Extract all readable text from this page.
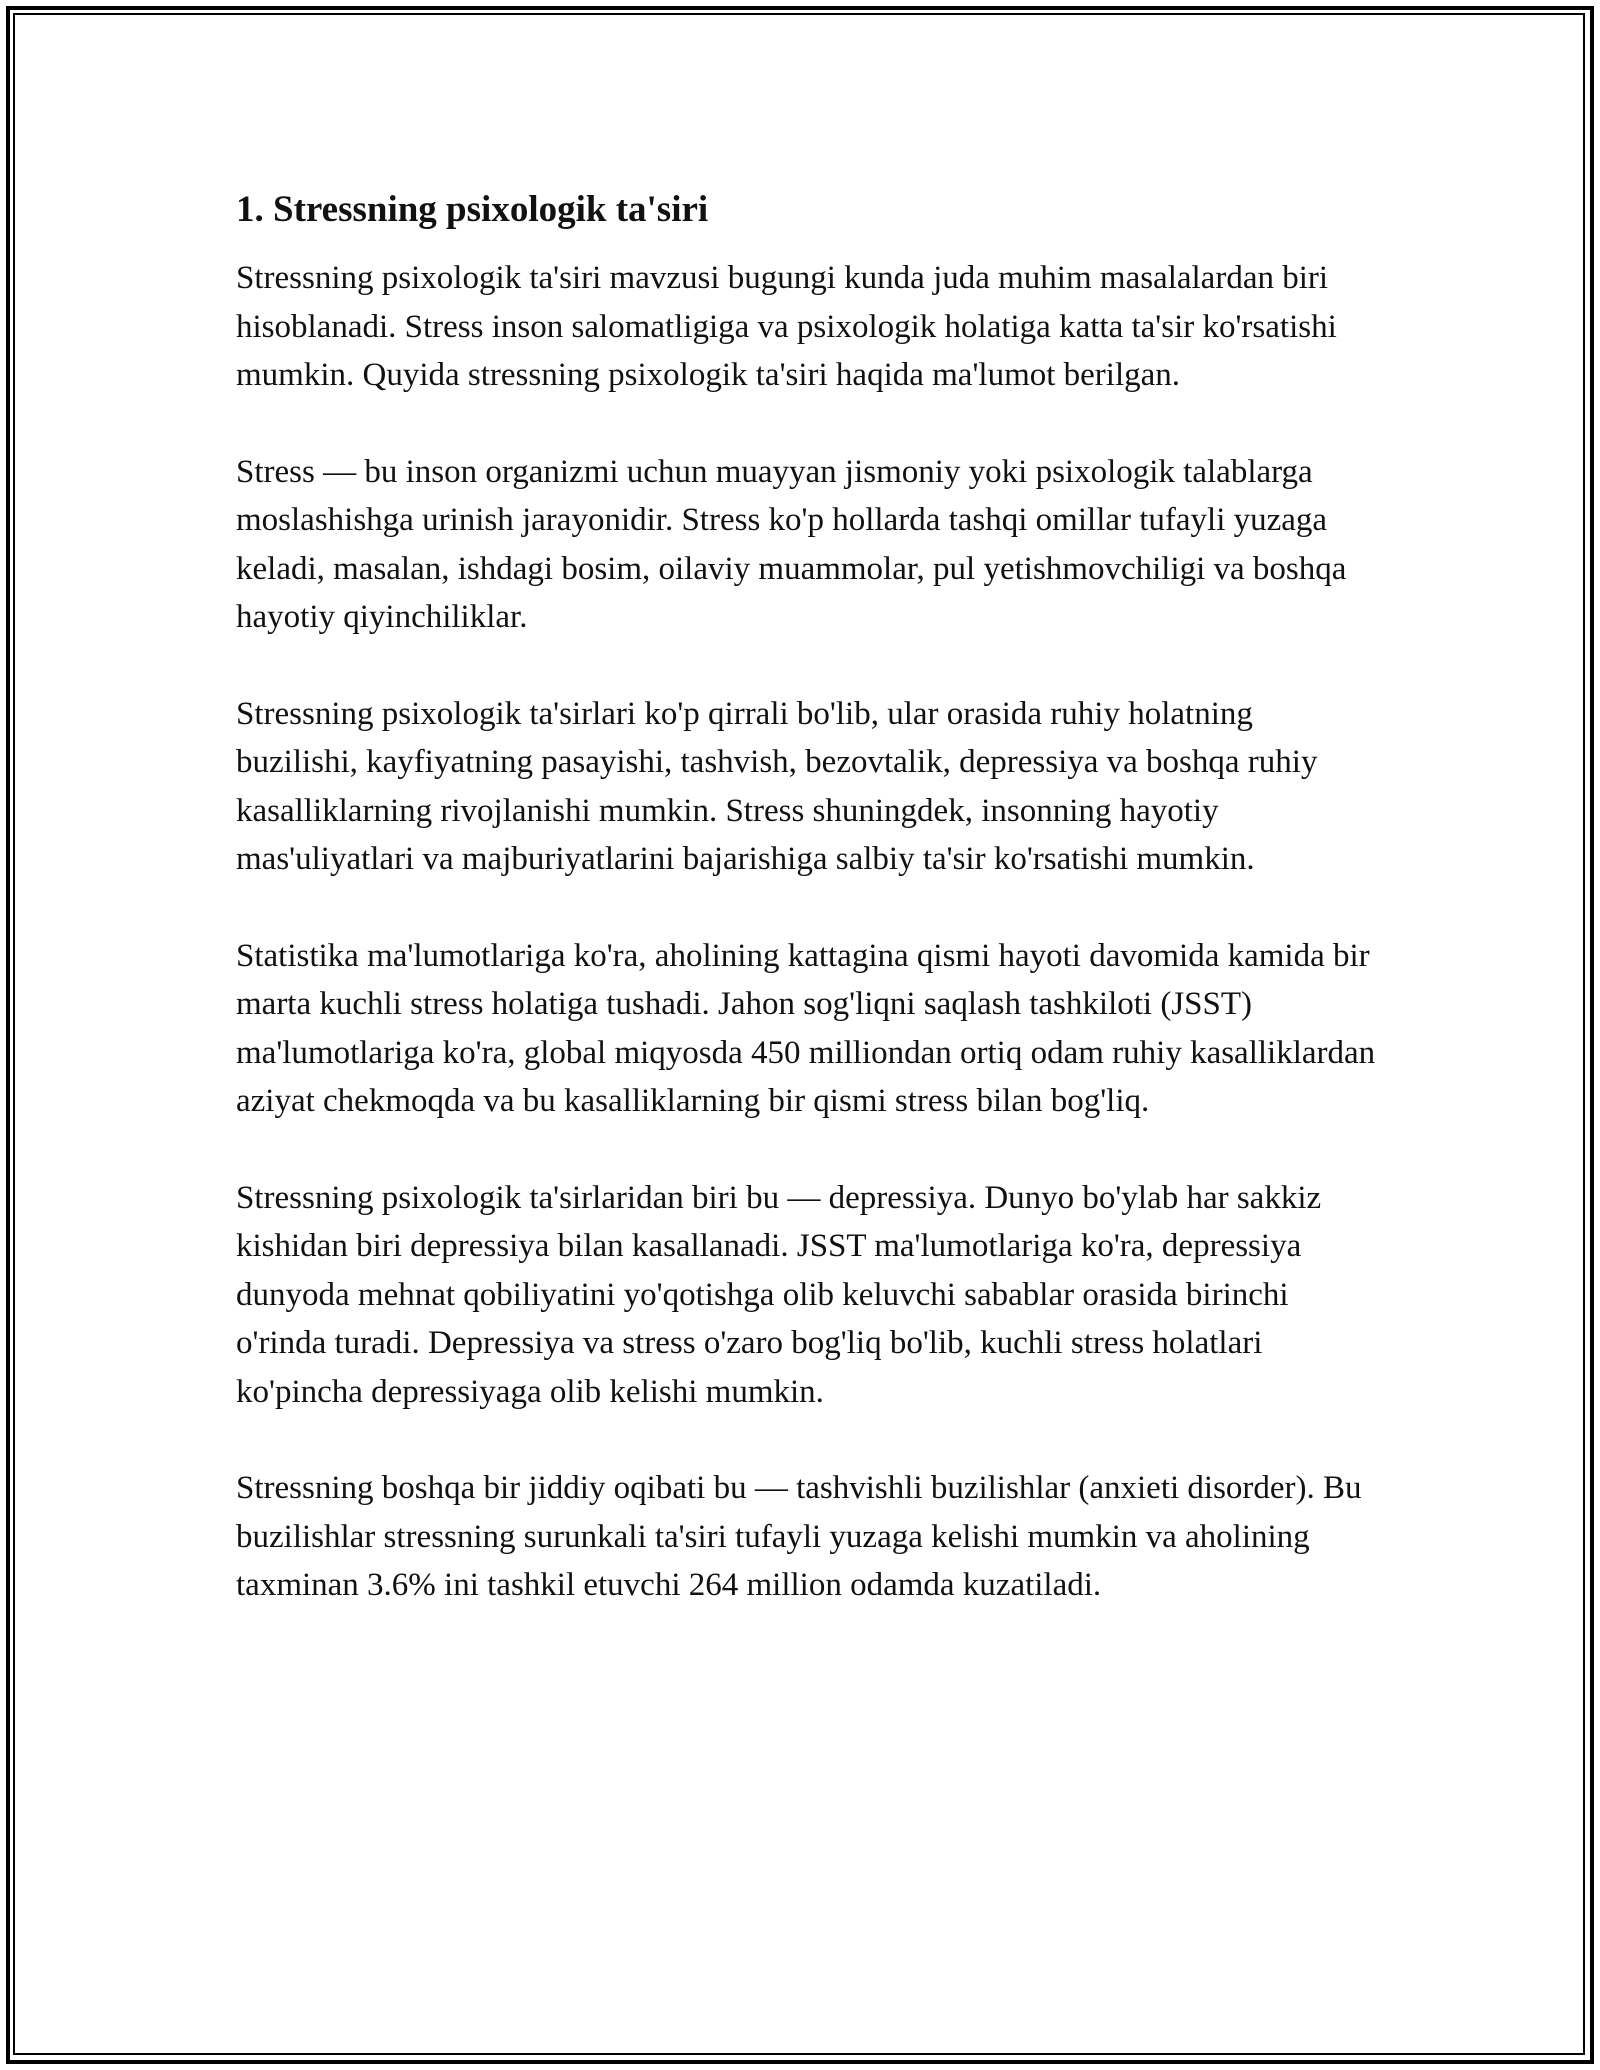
1. Stressning psixologik ta'siri

Stressning psixologik ta'siri mavzusi bugungi kunda juda muhim masalalardan biri hisoblanadi. Stress inson salomatligiga va psixologik holatiga katta ta'sir ko'rsatishi mumkin. Quyida stressning psixologik ta'siri haqida ma'lumot berilgan.

Stress — bu inson organizmi uchun muayyan jismoniy yoki psixologik talablarga moslashishga urinish jarayonidir. Stress ko'p hollarda tashqi omillar tufayli yuzaga keladi, masalan, ishdagi bosim, oilaviy muammolar, pul yetishmovchiligi va boshqa hayotiy qiyinchiliklar.

Stressning psixologik ta'sirlari ko'p qirrali bo'lib, ular orasida ruhiy holatning buzilishi, kayfiyatning pasayishi, tashvish, bezovtalik, depressiya va boshqa ruhiy kasalliklarning rivojlanishi mumkin. Stress shuningdek, insonning hayotiy mas'uliyatlari va majburiyatlarini bajarishiga salbiy ta'sir ko'rsatishi mumkin.

Statistika ma'lumotlariga ko'ra, aholining kattagina qismi hayoti davomida kamida bir marta kuchli stress holatiga tushadi. Jahon sog'liqni saqlash tashkiloti (JSST) ma'lumotlariga ko'ra, global miqyosda 450 milliondan ortiq odam ruhiy kasalliklardan aziyat chekmoqda va bu kasalliklarning bir qismi stress bilan bog'liq.

Stressning psixologik ta'sirlaridan biri bu — depressiya. Dunyo bo'ylab har sakkiz kishidan biri depressiya bilan kasallanadi. JSST ma'lumotlariga ko'ra, depressiya dunyoda mehnat qobiliyatini yo'qotishga olib keluvchi sabablar orasida birinchi o'rinda turadi. Depressiya va stress o'zaro bog'liq bo'lib, kuchli stress holatlari ko'pincha depressiyaga olib kelishi mumkin.

Stressning boshqa bir jiddiy oqibati bu — tashvishli buzilishlar (anxieti disorder). Bu buzilishlar stressning surunkali ta'siri tufayli yuzaga kelishi mumkin va aholining taxminan 3.6% ini tashkil etuvchi 264 million odamda kuzatiladi.
